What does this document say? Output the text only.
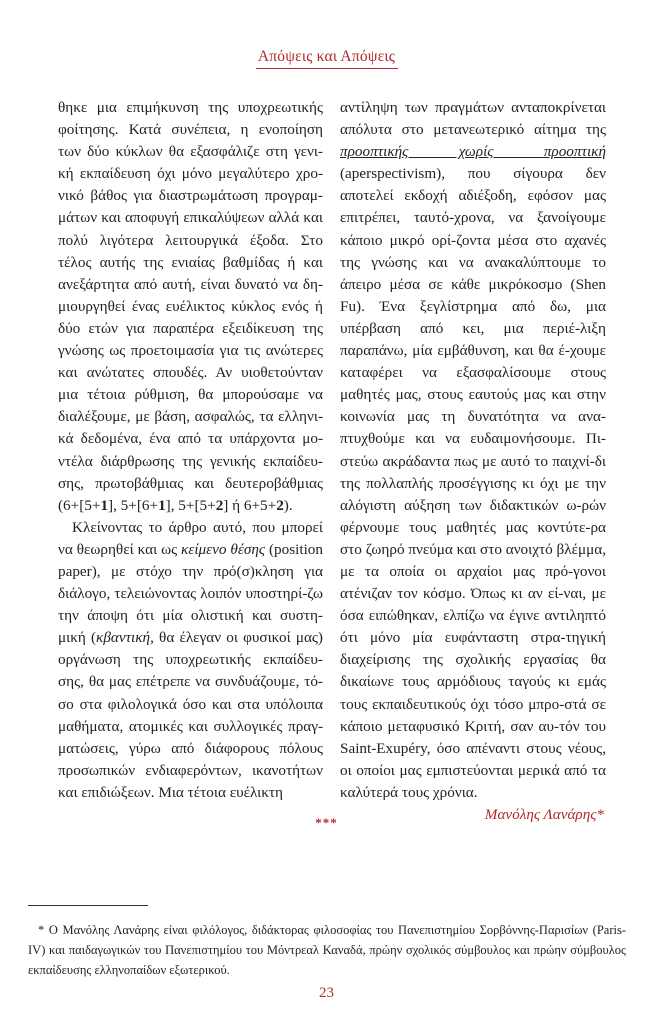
Απόψεις και Απόψεις

θηκε μια επιμήκυνση της υποχρεωτικής φοίτησης. Κατά συνέπεια, η ενοποίηση των δύο κύκλων θα εξασφάλιζε στη γενι-κή εκπαίδευση όχι μόνο μεγαλύτερο χρο-νικό βάθος για διαστρωμάτωση προγραμ-μάτων και αποφυγή επικαλύψεων αλλά και πολύ λιγότερα λειτουργικά έξοδα. Στο τέλος αυτής της ενιαίας βαθμίδας ή και ανεξάρτητα από αυτή, είναι δυνατό να δη-μιουργηθεί ένας ευέλικτος κύκλος ενός ή δύο ετών για παραπέρα εξειδίκευση της γνώσης ως προετοιμασία για τις ανώτερες και ανώτατες σπουδές. Αν υιοθετούνταν μια τέτοια ρύθμιση, θα μπορούσαμε να διαλέξουμε, με βάση, ασφαλώς, τα ελληνι-κά δεδομένα, ένα από τα υπάρχοντα μο-ντέλα διάρθρωσης της γενικής εκπαίδευ-σης, πρωτοβάθμιας και δευτεροβάθμιας (6+[5+1], 5+[6+1], 5+[5+2] ή 6+5+2).

Κλείνοντας το άρθρο αυτό, που μπορεί να θεωρηθεί και ως κείμενο θέσης (position paper), με στόχο την πρό(σ)κληση για διάλογο, τελειώνοντας λοιπόν υποστηρί-ζω την άποψη ότι μία ολιστική και συστη-μική (κβαντική, θα έλεγαν οι φυσικοί μας) οργάνωση της υποχρεωτικής εκπαίδευ-σης, θα μας επέτρεπε να συνδυάζουμε, τό-σο στα φιλολογικά όσο και στα υπόλοιπα μαθήματα, ατομικές και συλλογικές πραγ-ματώσεις, γύρω από διάφορους πόλους προσωπικών ενδιαφερόντων, ικανοτήτων και επιδιώξεων. Μια τέτοια ευέλικτη

αντίληψη των πραγμάτων ανταποκρίνεται απόλυτα στο μετανεωτερικό αίτημα της προοπτικής χωρίς προοπτική (aperspectivism), που σίγουρα δεν αποτελεί εκδοχή αδιέξοδη, εφόσον μας επιτρέπει, ταυτό-χρονα, να ξανοίγουμε κάποιο μικρό ορί-ζοντα μέσα στο αχανές της γνώσης και να ανακαλύπτουμε το άπειρο μέσα σε κάθε μικρόκοσμο (Shen Fu). Ένα ξεγλίστρημα από δω, μια υπέρβαση από κει, μια περιέ-λιξη παραπάνω, μία εμβάθυνση, και θα έ-χουμε καταφέρει να εξασφαλίσουμε στους μαθητές μας, στους εαυτούς μας και στην κοινωνία μας τη δυνατότητα να ανα-πτυχθούμε και να ευδαιμονήσουμε. Πι-στεύω ακράδαντα πως με αυτό το παιχνί-δι της πολλαπλής προσέγγισης κι όχι με την αλόγιστη αύξηση των διδακτικών ω-ρών φέρνουμε τους μαθητές μας κοντύτε-ρα στο ζωηρό πνεύμα και στο ανοιχτό βλέμμα, με τα οποία οι αρχαίοι μας πρό-γονοι ατένιζαν τον κόσμο. Όπως κι αν εί-ναι, με όσα ειπώθηκαν, ελπίζω να έγινε αντιληπτό ότι μόνο μία ευφάνταστη στρα-τηγική διαχείρισης της σχολικής εργασίας θα δικαίωνε τους αρμόδιους ταγούς κι εμάς τους εκπαιδευτικούς όχι τόσο μπρο-στά σε κάποιο μεταφυσικό Κριτή, σαν αυ-τόν του Saint-Exupéry, όσο απέναντι στους νέους, οι οποίοι μας εμπιστεύονται μερικά από τα καλύτερά τους χρόνια.

Μανόλης Λανάρης*

***

* Ο Μανόλης Λανάρης είναι φιλόλογος, διδάκτορας φιλοσοφίας του Πανεπιστημίου Σορβόννης-Παρισίων (Paris-IV) και παιδαγωγικών του Πανεπιστημίου του Μόντρεαλ Καναδά, πρώην σχολικός σύμβουλος και πρώην σύμβουλος εκπαίδευσης ελληνοπαίδων εξωτερικού.

23
